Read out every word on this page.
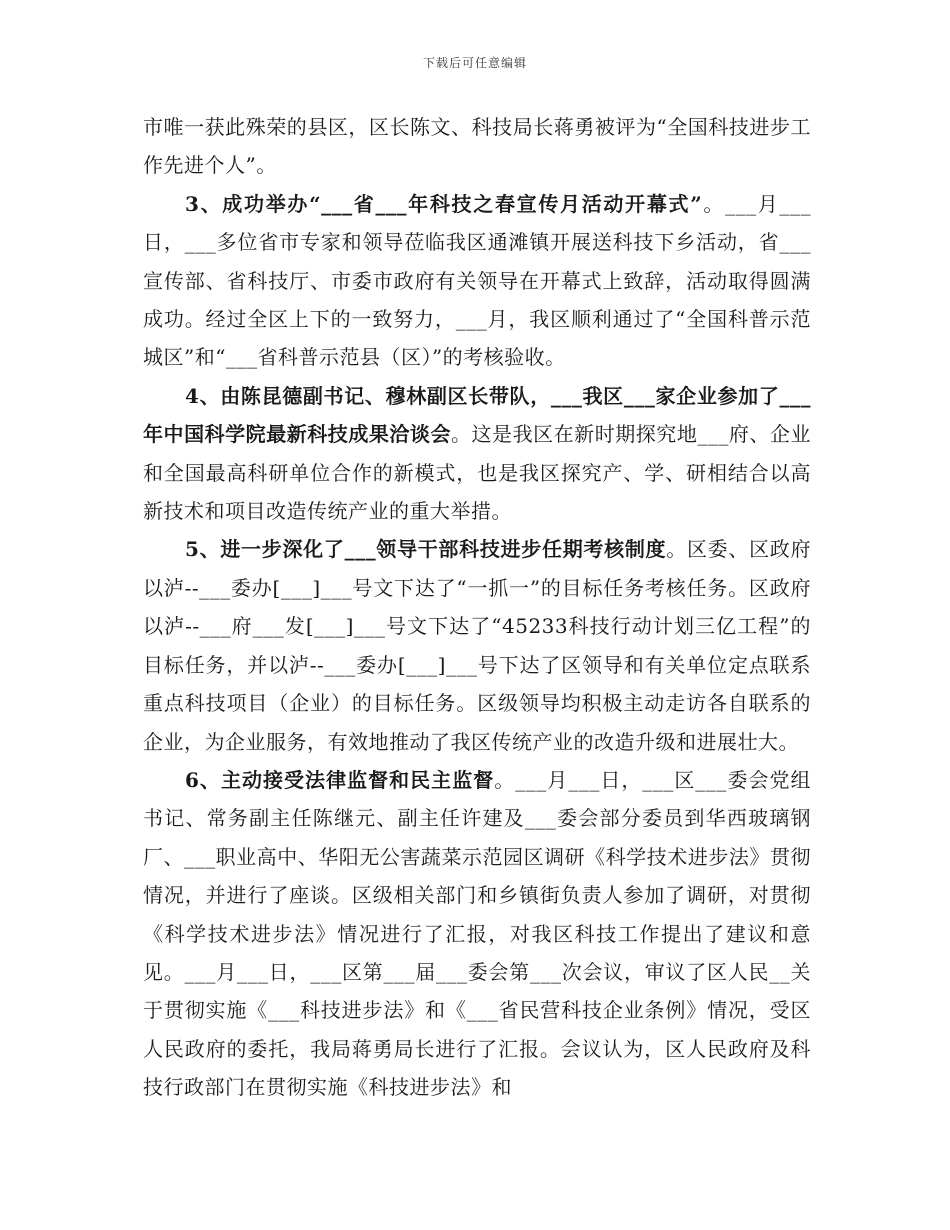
下载后可任意编辑

市唯一获此殊荣的县区，区长陈文、科技局长蒋勇被评为“全国科技进步工作先进个人”。

3、成功举办“___省___年科技之春宣传月活动开幕式”。___月___日，___多位省市专家和领导莅临我区通滩镇开展送科技下乡活动，省___宣传部、省科技厅、市委市政府有关领导在开幕式上致辞，活动取得圆满成功。经过全区上下的一致努力，___月，我区顺利通过了“全国科普示范城区”和“___省科普示范县（区）”的考核验收。

4、由陈昆德副书记、穆林副区长带队，___我区___家企业参加了___年中国科学院最新科技成果洽谈会。这是我区在新时期探究地___府、企业和全国最高科研单位合作的新模式，也是我区探究产、学、研相结合以高新技术和项目改造传统产业的重大举措。

5、进一步深化了___领导干部科技进步任期考核制度。区委、区政府以泸--___委办[___]___号文下达了“一抓一”的目标任务考核任务。区政府以泸--___府___发[___]___号文下达了“45233科技行动计划三亿工程”的目标任务，并以泸--___委办[___]___号下达了区领导和有关单位定点联系重点科技项目（企业）的目标任务。区级领导均积极主动走访各自联系的企业，为企业服务，有效地推动了我区传统产业的改造升级和进展壮大。

6、主动接受法律监督和民主监督。___月___日，___区___委会党组书记、常务副主任陈继元、副主任许建及___委会部分委员到华西玻璃钢厂、___职业高中、华阳无公害蔬菜示范园区调研《科学技术进步法》贯彻情况，并进行了座谈。区级相关部门和乡镇街负责人参加了调研，对贯彻《科学技术进步法》情况进行了汇报，对我区科技工作提出了建议和意见。___月___日，___区第___届___委会第___次会议，审议了区人民__关于贯彻实施《___科技进步法》和《___省民营科技企业条例》情况，受区人民政府的委托，我局蒋勇局长进行了汇报。会议认为，区人民政府及科技行政部门在贯彻实施《科技进步法》和
